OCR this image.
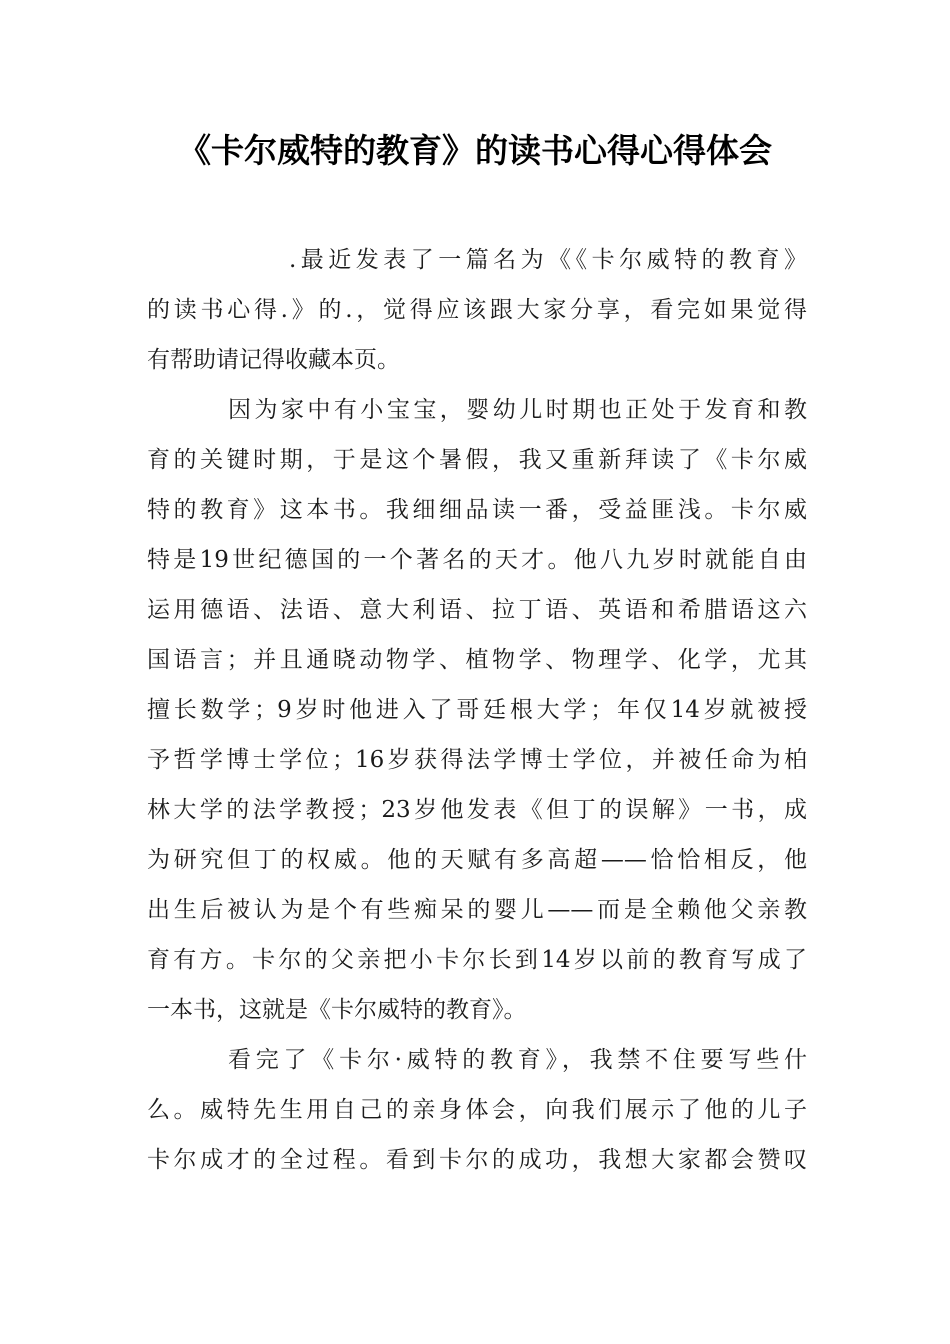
《卡尔威特的教育》的读书心得心得体会
.最近发表了一篇名为《《卡尔威特的教育》
的读书心得.》的.，觉得应该跟大家分享，看完如果觉得
有帮助请记得收藏本页。
因为家中有小宝宝，婴幼儿时期也正处于发育和教
育的关键时期，于是这个暑假，我又重新拜读了《卡尔威
特的教育》这本书。我细细品读一番，受益匪浅。卡尔威
特是19世纪德国的一个著名的天才。他八九岁时就能自由
运用德语、法语、意大利语、拉丁语、英语和希腊语这六
国语言；并且通晓动物学、植物学、物理学、化学，尤其
擅长数学；9岁时他进入了哥廷根大学；年仅14岁就被授
予哲学博士学位；16岁获得法学博士学位，并被任命为柏
林大学的法学教授；23岁他发表《但丁的误解》一书，成
为研究但丁的权威。他的天赋有多高超——恰恰相反，他
出生后被认为是个有些痴呆的婴儿——而是全赖他父亲教
育有方。卡尔的父亲把小卡尔长到14岁以前的教育写成了
一本书，这就是《卡尔威特的教育》。
看完了《卡尔·威特的教育》，我禁不住要写些什
么。威特先生用自己的亲身体会，向我们展示了他的儿子
卡尔成才的全过程。看到卡尔的成功，我想大家都会赞叹
